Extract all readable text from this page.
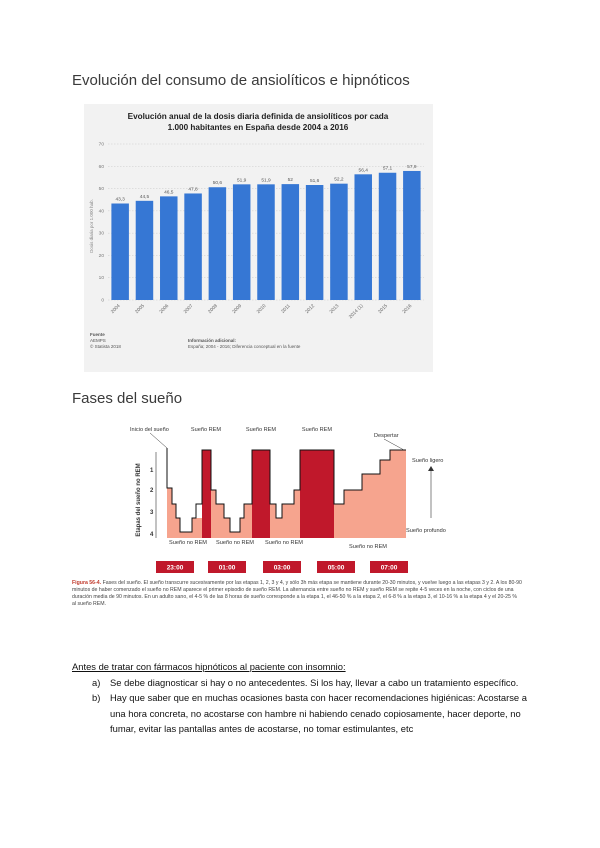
Evolución del consumo de ansiolíticos e hipnóticos
Evolución anual de la dosis diaria definida de ansiolíticos por cada
1.000 habitantes en España desde 2004 a 2016
0
10
20
30
40
50
60
70
43,3
44,5
46,5
47,8
50,6
51,9	51,9	52	51,6	52,2
56,4	57,1	57,9
2004	2005	2006	2007	2008	2009	2010	2011	2012	2013 2014 (1)	2015	2016
Dosis diaria por 1.000 hab.
Fuente
AEMPS
© Statista 2018
Información adicional:
España; 2004 - 2016; Diferencia conceptual en la fuente
Fases del sueño
Etapas del sueño no REM 1
2
3
4
Inicio del sueño	Sueño REM	Sueño REM	Sueño REM
Despertar
Sueño ligero
Sueño profundo
Sueño no REM Sueño no REM Sueño no REM
Sueño no REM
23:00	01:00	03:00	05:00	07:00
Figura 56-4. Fases del sueño. El sueño transcurre sucesivamente por las etapas 1, 2, 3 y 4, y sólo 3h más etapa se mantiene durante 20-30 minutos, y vuelve luego a las etapas 3 y 2. A los 80-90 minutos de haber comenzado el sueño no REM aparece el primer episodio de sueño REM. La alternancia entre sueño no REM y sueño REM se repite 4-5 veces en la noche, con ciclos de una duración media de 90 minutos. En un adulto sano, el 4-5 % de las 8 horas de sueño corresponde a la etapa 1, el 46-50 % a la etapa 2, el 6-8 % a la etapa 3, el 10-16 % a la etapa 4 y el 20-25 % al sueño REM.
Antes de tratar con fármacos hipnóticos al paciente con insomnio:
a) Se debe diagnosticar si hay o no antecedentes. Si los hay, llevar a cabo un tratamiento específico.
b) Hay que saber que en muchas ocasiones basta con hacer recomendaciones higiénicas: Acostarse a una hora concreta, no acostarse con hambre ni habiendo cenado copiosamente, hacer deporte, no fumar, evitar las pantallas antes de acostarse, no tomar estimulantes, etc
